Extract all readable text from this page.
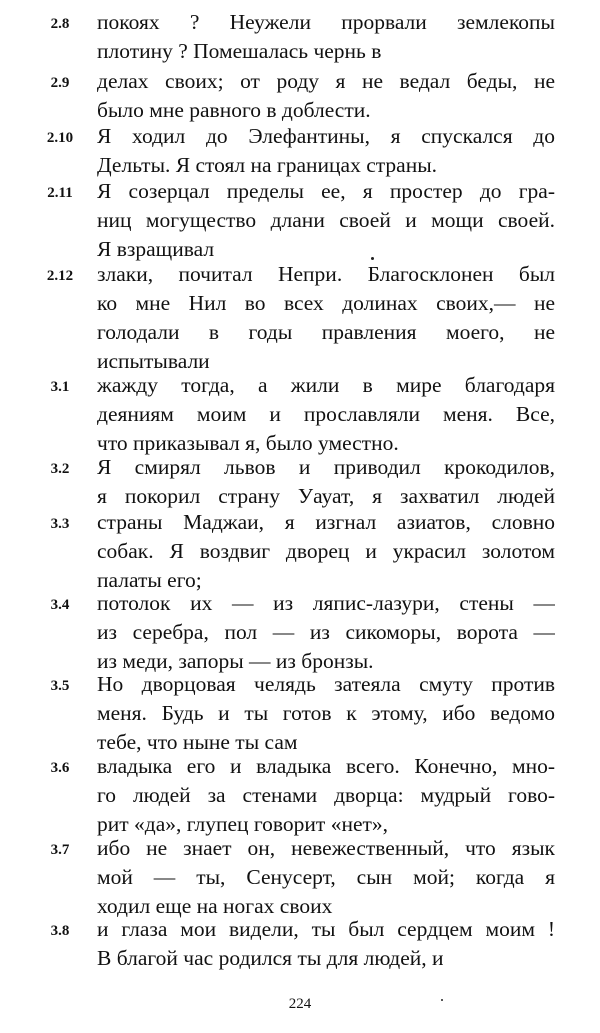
2.8	покоях ? Неужели прорвали землекопы
плотину ? Помешалась чернь в
2.9	делах своих; от роду я не ведал беды, не
было мне равного в доблести.
2.10	Я ходил до Элефантины, я спускался до
Дельты. Я стоял на границах страны.
2.11	Я созерцал пределы ее, я простер до гра-
ниц могущество длани своей и мощи своей.
Я взращивал
2.12	злаки, почитал Непри. Благосклонен был
ко мне Нил во всех долинах своих,— не
голодали в годы правления моего, не
испытывали
3.1	жажду тогда, а жили в мире благодаря
деяниям моим и прославляли меня. Все,
что приказывал я, было уместно.
3.2	Я смирял львов и приводил крокодилов,
я покорил страну Уауат, я захватил людей
3.3	страны Маджаи, я изгнал азиатов, словно
собак. Я воздвиг дворец и украсил золотом
палаты его;
3.4	потолок их — из ляпис-лазури, стены —
из серебра, пол — из сикоморы, ворота —
из меди, запоры — из бронзы.
3.5	Но дворцовая челядь затеяла смуту против
меня. Будь и ты готов к этому, ибо ведомо
тебе, что ныне ты сам
3.6	владыка его и владыка всего. Конечно, мно-
го людей за стенами дворца: мудрый гово-
рит «да», глупец говорит «нет»,
3.7	ибо не знает он, невежественный, что язык
мой — ты, Сенусерт, сын мой; когда я
ходил еще на ногах своих
3.8	и глаза мои видели, ты был сердцем моим !
В благой час родился ты для людей, и
224
